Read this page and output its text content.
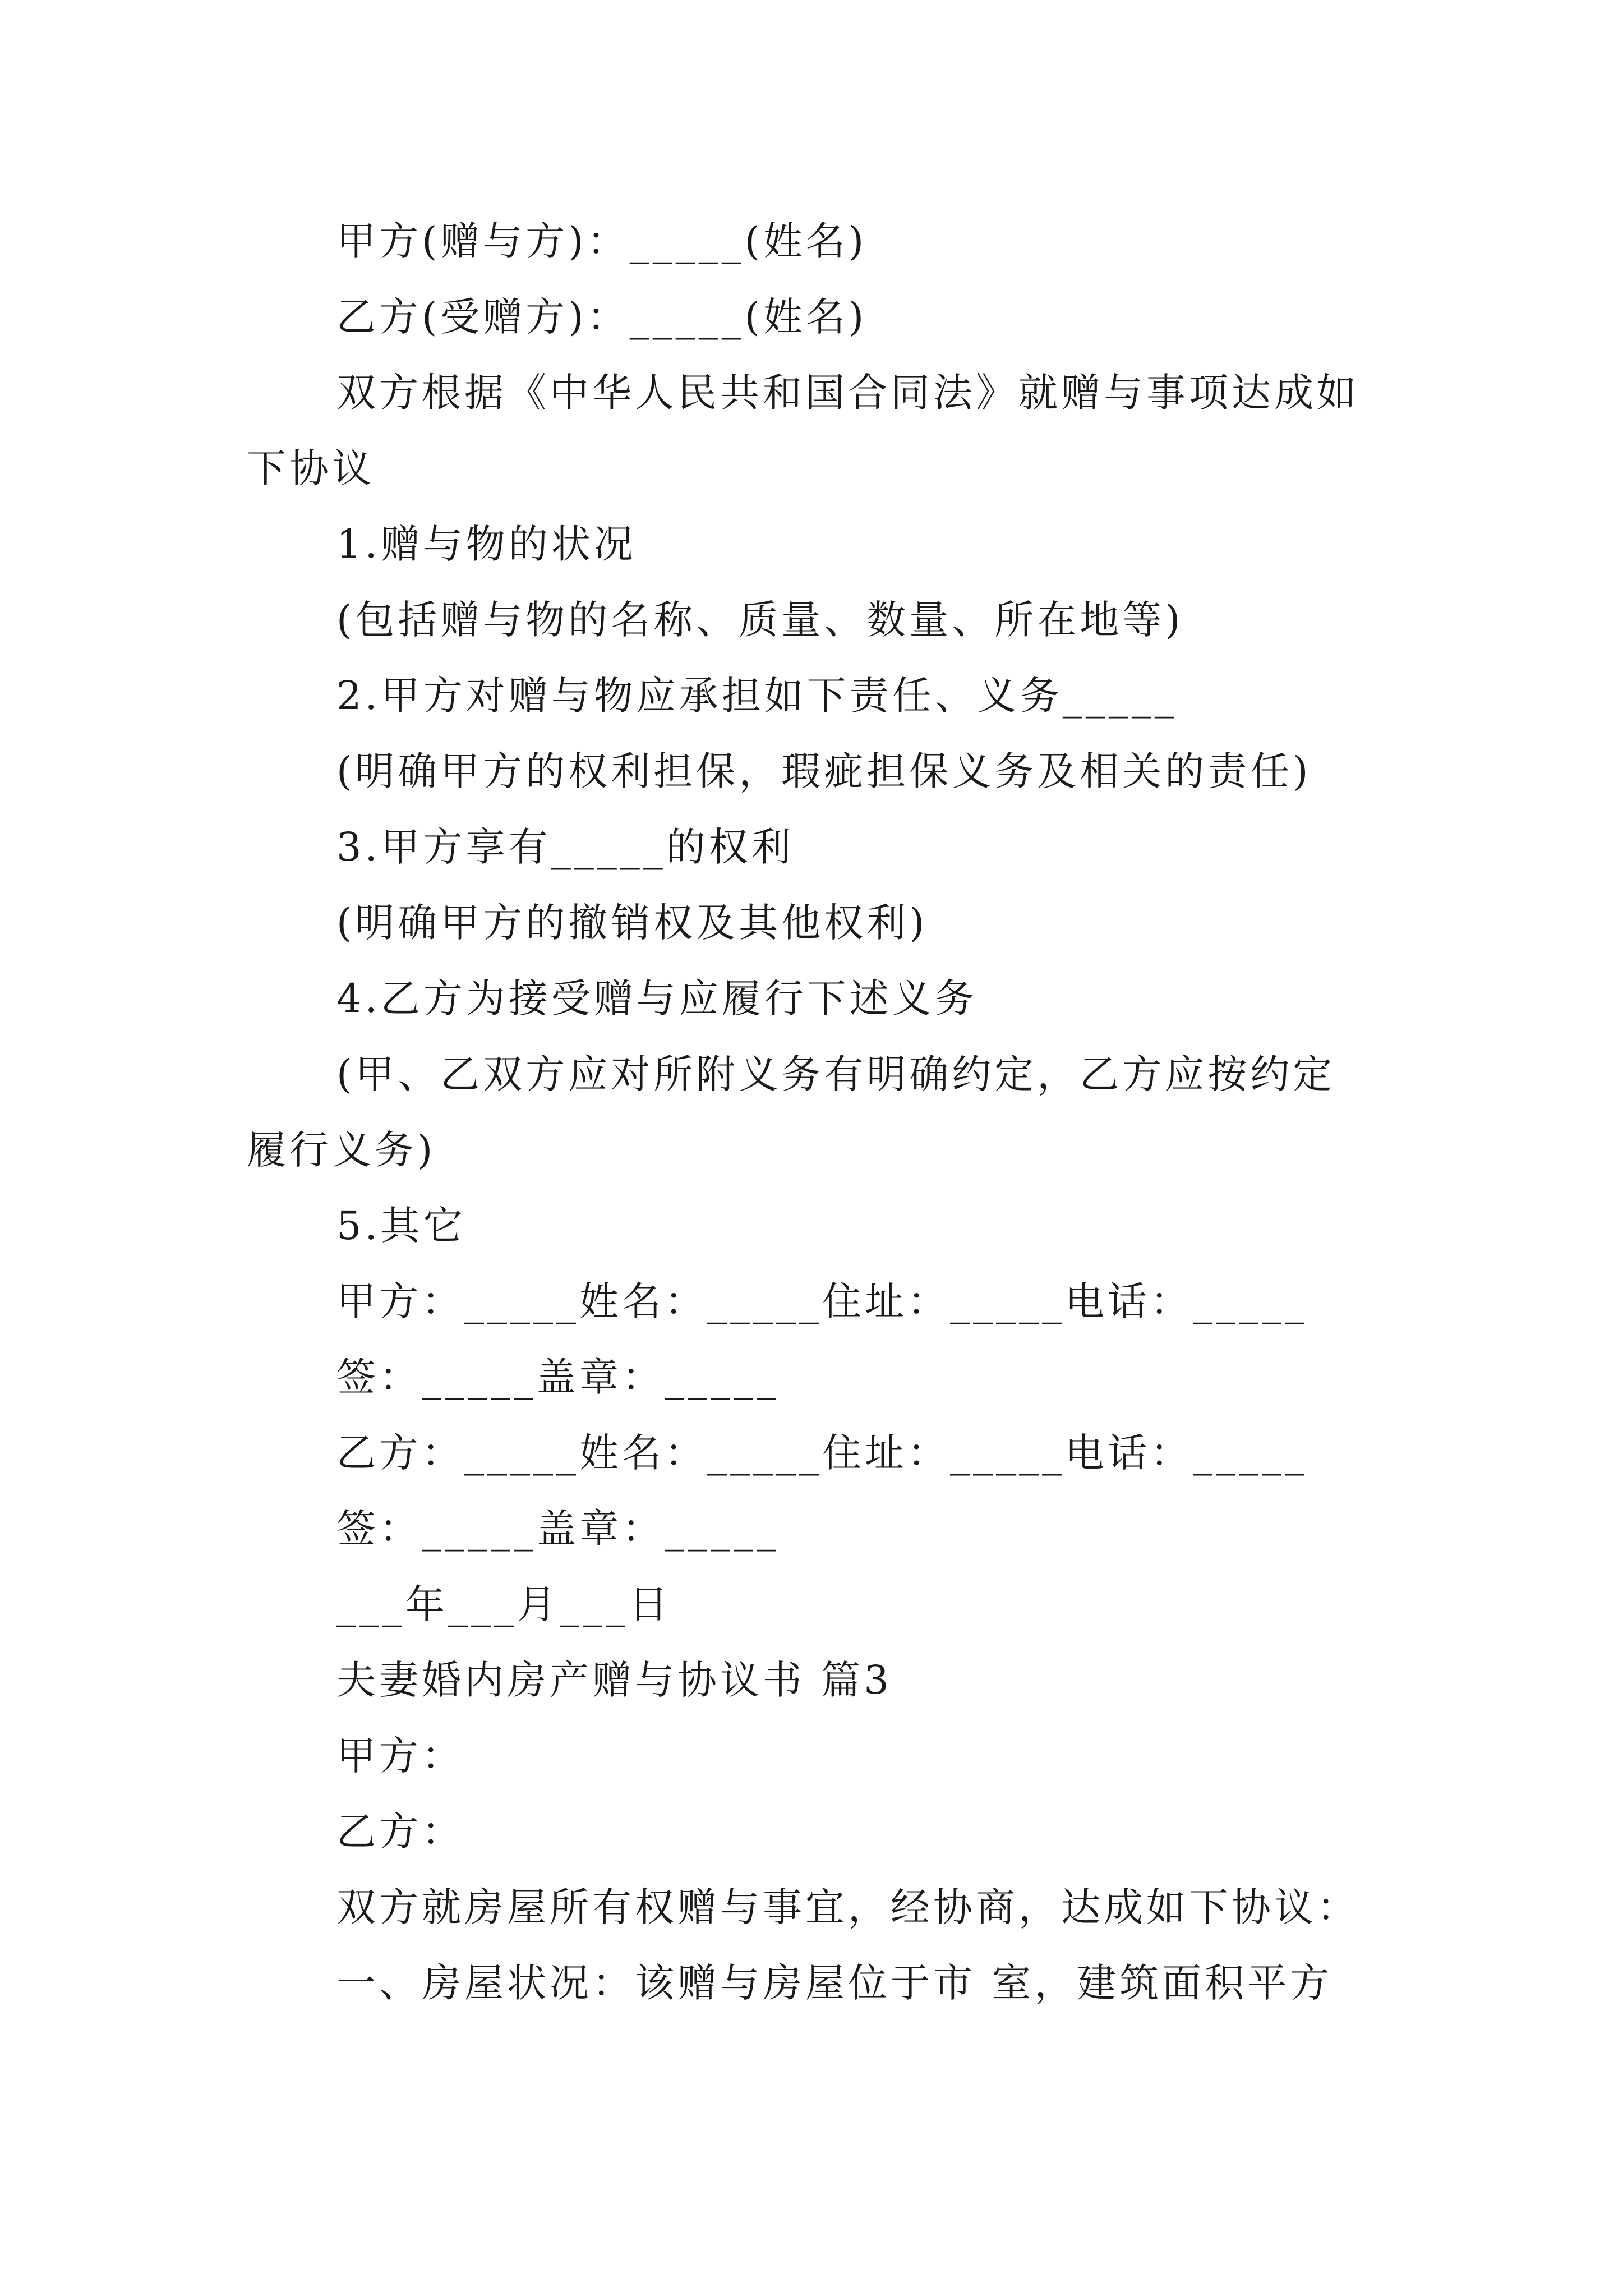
甲方(赠与方)：_____(姓名)
乙方(受赠方)：_____(姓名)
双方根据《中华人民共和国合同法》就赠与事项达成如
下协议
1.赠与物的状况
(包括赠与物的名称、质量、数量、所在地等)
2.甲方对赠与物应承担如下责任、义务_____
(明确甲方的权利担保，瑕疵担保义务及相关的责任)
3.甲方享有_____的权利
(明确甲方的撤销权及其他权利)
4.乙方为接受赠与应履行下述义务
(甲、乙双方应对所附义务有明确约定，乙方应按约定
履行义务)
5.其它
甲方：_____姓名：_____住址：_____电话：_____
签：_____盖章：_____
乙方：_____姓名：_____住址：_____电话：_____
签：_____盖章：_____
___年___月___日
夫妻婚内房产赠与协议书 篇3
甲方：
乙方：
双方就房屋所有权赠与事宜，经协商，达成如下协议：
一、房屋状况：该赠与房屋位于市 室，建筑面积平方
